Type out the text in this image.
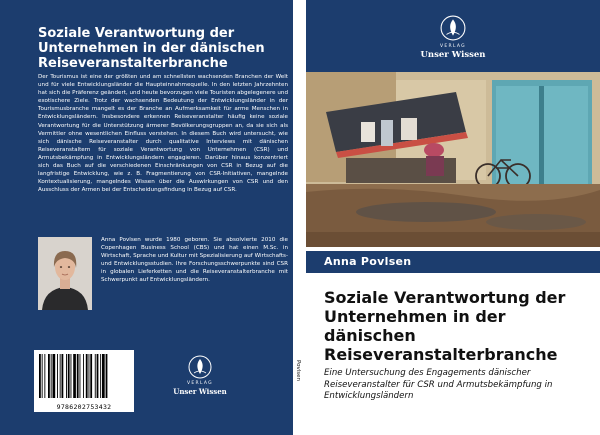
Soziale Verantwortung der Unternehmen in der dänischen Reiseveranstalterbranche

Der Tourismus ist eine der größten und am schnellsten wachsenden Branchen der Welt und für viele Entwicklungsländer die Haupteinnahmequelle. In den letzten Jahrzehnten hat sich die Präferenz geändert, und heute bevorzugen viele Touristen abgelegenere und exotischere Ziele. Trotz der wachsenden Bedeutung der Entwicklungsländer in der Tourismusbranche mangelt es der Branche an Aufmerksamkeit für arme Menschen in Entwicklungsländern. Insbesondere erkennen Reiseveranstalter häufig keine soziale Verantwortung für die Unterstützung ärmerer Bevölkerungsgruppen an, da sie sich als Vermittler ohne wesentlichen Einfluss verstehen. In diesem Buch wird untersucht, wie sich dänische Reiseveranstalter durch qualitative Interviews mit dänischen Reiseveranstaltern für soziale Verantwortung von Unternehmen (CSR) und Armutsbekämpfung in Entwicklungsländern engagieren. Darüber hinaus konzentriert sich das Buch auf die verschiedenen Einschränkungen von CSR in Bezug auf die langfristige Entwicklung, wie z. B. Fragmentierung von CSR-Initiativen, mangelnde Kontextualisierung, mangelndes Wissen über die Auswirkungen von CSR und den Ausschluss der Armen bei der Entscheidungsfindung in Bezug auf CSR.

Anna Povlsen wurde 1980 geboren. Sie absolvierte 2010 die Copenhagen Business School (CBS) und hat einen M.Sc. in Wirtschaft, Sprache und Kultur mit Spezialisierung auf Wirtschafts- und Entwicklungsstudien. Ihre Forschungsschwerpunkte sind CSR in globalen Lieferketten und die Reiseveranstalterbranche mit Schwerpunkt auf Entwicklungsländern.

9786202753432
VERLAG
Unser Wissen
Povlsen
VERLAG
Unser Wissen
Anna Povlsen
Soziale Verantwortung der Unternehmen in der dänischen Reiseveranstalterbranche

Eine Untersuchung des Engagements dänischer Reiseveranstalter für CSR und Armutsbekämpfung in Entwicklungsländern
